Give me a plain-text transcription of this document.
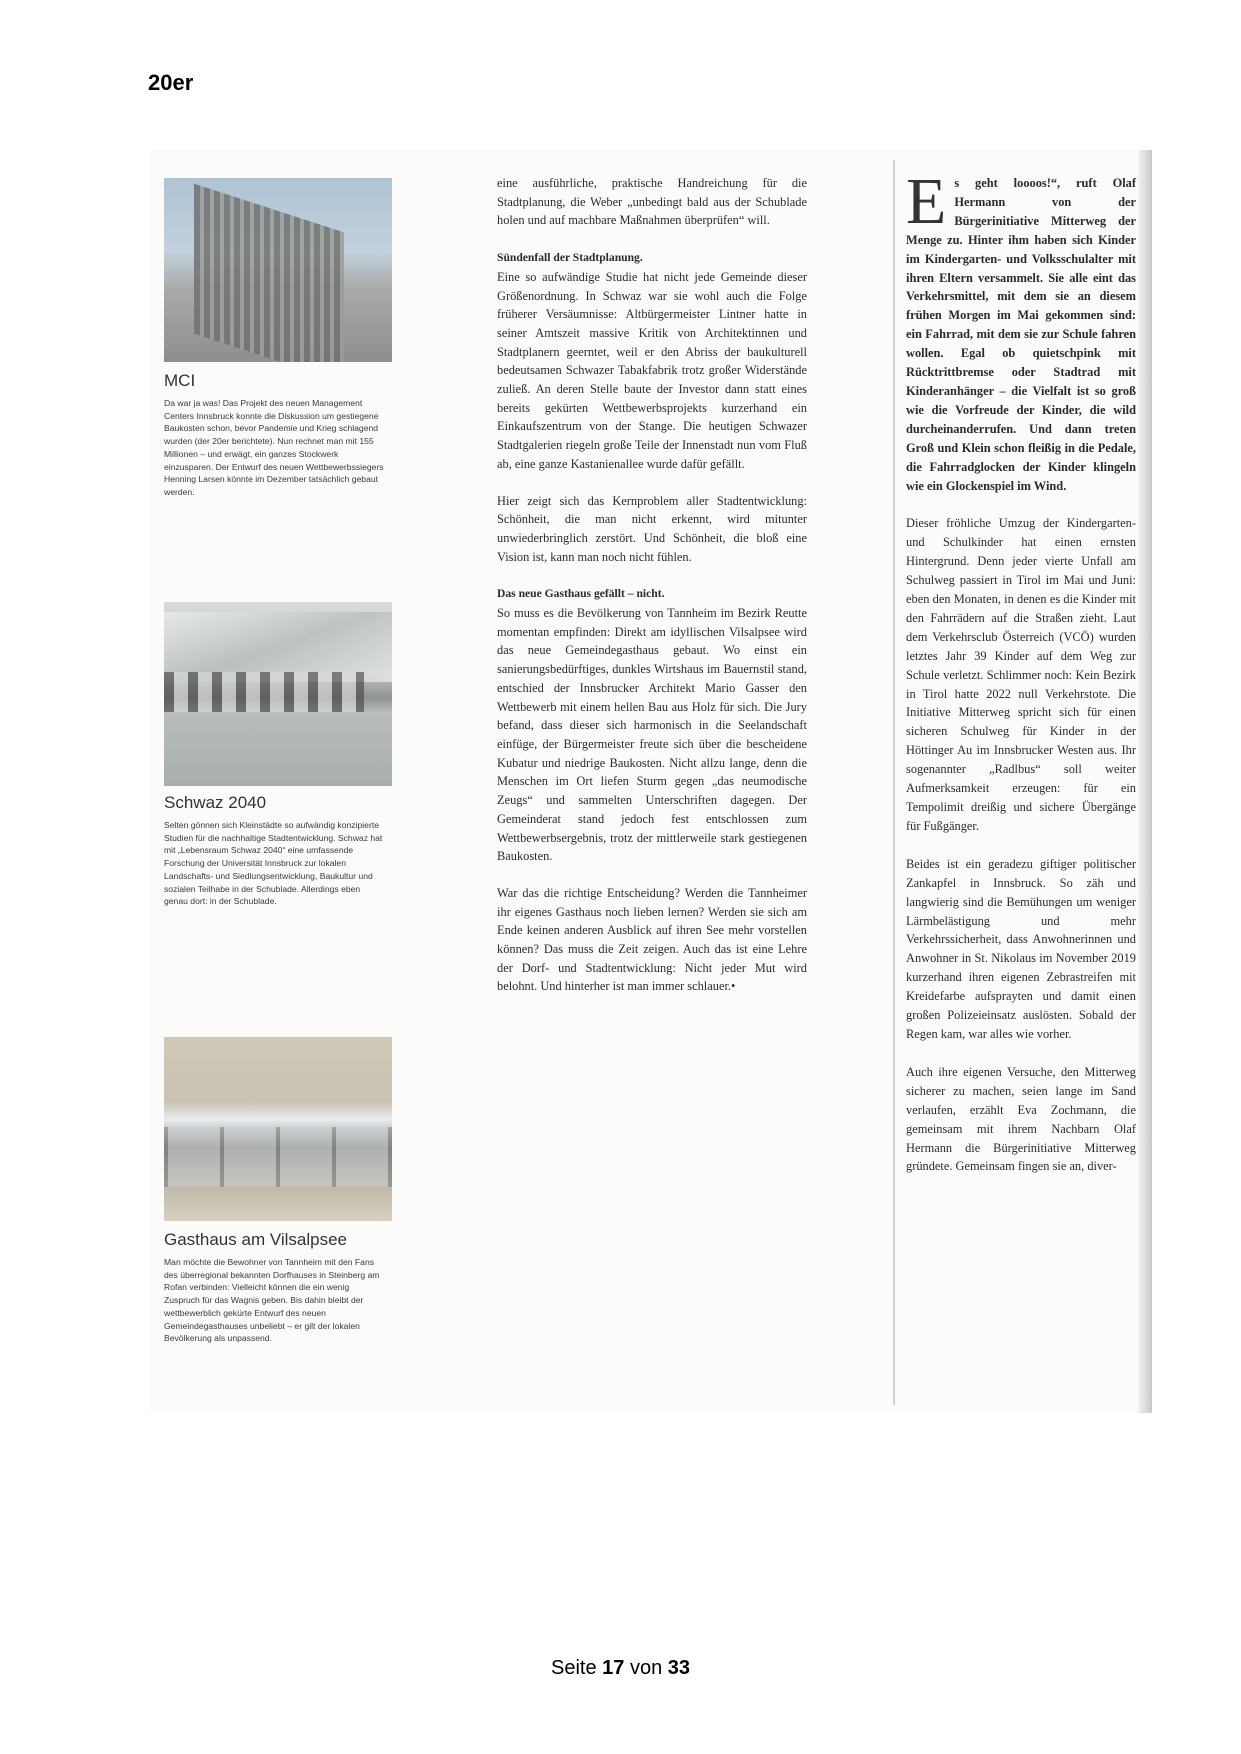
20er
MCI
Da war ja was! Das Projekt des neuen Management Centers Innsbruck konnte die Diskussion um gestiegene Baukosten schon, bevor Pandemie und Krieg schlagend wurden (der 20er berichtete). Nun rechnet man mit 155 Millionen – und erwägt, ein ganzes Stockwerk einzusparen. Der Entwurf des neuen Wettbewerbssiegers Henning Larsen könnte im Dezember tatsächlich gebaut werden.
Schwaz 2040
Selten gönnen sich Kleinstädte so aufwändig konzipierte Studien für die nachhaltige Stadtentwicklung. Schwaz hat mit „Lebensraum Schwaz 2040“ eine umfassende Forschung der Universität Innsbruck zur lokalen Landschafts- und Siedlungsentwicklung, Baukultur und sozialen Teilhabe in der Schublade. Allerdings eben genau dort: in der Schublade.
Gasthaus am Vilsalpsee
Man möchte die Bewohner von Tannheim mit den Fans des überregional bekannten Dorfhauses in Steinberg am Rofan verbinden: Vielleicht können die ein wenig Zuspruch für das Wagnis geben. Bis dahin bleibt der wettbewerblich gekürte Entwurf des neuen Gemeindegasthauses unbeliebt – er gilt der lokalen Bevölkerung als unpassend.

eine ausführliche, praktische Handreichung für die Stadtplanung, die Weber „unbedingt bald aus der Schublade holen und auf machbare Maßnahmen überprüfen“ will.

Sündenfall der Stadtplanung.
Eine so aufwändige Studie hat nicht jede Gemeinde dieser Größenordnung. In Schwaz war sie wohl auch die Folge früherer Versäumnisse: Altbürgermeister Lintner hatte in seiner Amtszeit massive Kritik von Architektinnen und Stadtplanern geerntet, weil er den Abriss der baukulturell bedeutsamen Schwazer Tabakfabrik trotz großer Widerstände zuließ. An deren Stelle baute der Investor dann statt eines bereits gekürten Wettbewerbsprojekts kurzerhand ein Einkaufszentrum von der Stange. Die heutigen Schwazer Stadtgalerien riegeln große Teile der Innenstadt nun vom Fluß ab, eine ganze Kastanienallee wurde dafür gefällt.

Hier zeigt sich das Kernproblem aller Stadtentwicklung: Schönheit, die man nicht erkennt, wird mitunter unwiederbringlich zerstört. Und Schönheit, die bloß eine Vision ist, kann man noch nicht fühlen.

Das neue Gasthaus gefällt – nicht.
So muss es die Bevölkerung von Tannheim im Bezirk Reutte momentan empfinden: Direkt am idyllischen Vilsalpsee wird das neue Gemeindegasthaus gebaut. Wo einst ein sanierungsbedürftiges, dunkles Wirtshaus im Bauernstil stand, entschied der Innsbrucker Architekt Mario Gasser den Wettbewerb mit einem hellen Bau aus Holz für sich. Die Jury befand, dass dieser sich harmonisch in die Seelandschaft einfüge, der Bürgermeister freute sich über die bescheidene Kubatur und niedrige Baukosten. Nicht allzu lange, denn die Menschen im Ort liefen Sturm gegen „das neumodische Zeugs“ und sammelten Unterschriften dagegen. Der Gemeinderat stand jedoch fest entschlossen zum Wettbewerbsergebnis, trotz der mittlerweile stark gestiegenen Baukosten.

War das die richtige Entscheidung? Werden die Tannheimer ihr eigenes Gasthaus noch lieben lernen? Werden sie sich am Ende keinen anderen Ausblick auf ihren See mehr vorstellen können? Das muss die Zeit zeigen. Auch das ist eine Lehre der Dorf- und Stadtentwicklung: Nicht jeder Mut wird belohnt. Und hinterher ist man immer schlauer.•

Es geht loooos!“, ruft Olaf Hermann von der Bürgerinitiative Mitterweg der Menge zu. Hinter ihm haben sich Kinder im Kindergarten- und Volksschulalter mit ihren Eltern versammelt. Sie alle eint das Verkehrsmittel, mit dem sie an diesem frühen Morgen im Mai gekommen sind: ein Fahrrad, mit dem sie zur Schule fahren wollen. Egal ob quietschpink mit Rücktrittbremse oder Stadtrad mit Kinderanhänger – die Vielfalt ist so groß wie die Vorfreude der Kinder, die wild durcheinanderrufen. Und dann treten Groß und Klein schon fleißig in die Pedale, die Fahrradglocken der Kinder klingeln wie ein Glockenspiel im Wind.

Dieser fröhliche Umzug der Kindergarten- und Schulkinder hat einen ernsten Hintergrund. Denn jeder vierte Unfall am Schulweg passiert in Tirol im Mai und Juni: eben den Monaten, in denen es die Kinder mit den Fahrrädern auf die Straßen zieht. Laut dem Verkehrsclub Österreich (VCÖ) wurden letztes Jahr 39 Kinder auf dem Weg zur Schule verletzt. Schlimmer noch: Kein Bezirk in Tirol hatte 2022 null Verkehrstote. Die Initiative Mitterweg spricht sich für einen sicheren Schulweg für Kinder in der Höttinger Au im Innsbrucker Westen aus. Ihr sogenannter „Radlbus“ soll weiter Aufmerksamkeit erzeugen: für ein Tempolimit dreißig und sichere Übergänge für Fußgänger.

Beides ist ein geradezu giftiger politischer Zankapfel in Innsbruck. So zäh und langwierig sind die Bemühungen um weniger Lärmbelästigung und mehr Verkehrssicherheit, dass Anwohnerinnen und Anwohner in St. Nikolaus im November 2019 kurzerhand ihren eigenen Zebrastreifen mit Kreidefarbe aufsprayten und damit einen großen Polizeieinsatz auslösten. Sobald der Regen kam, war alles wie vorher.

Auch ihre eigenen Versuche, den Mitterweg sicherer zu machen, seien lange im Sand verlaufen, erzählt Eva Zochmann, die gemeinsam mit ihrem Nachbarn Olaf Hermann die Bürgerinitiative Mitterweg gründete. Gemeinsam fingen sie an, diver-

Seite 17 von 33
